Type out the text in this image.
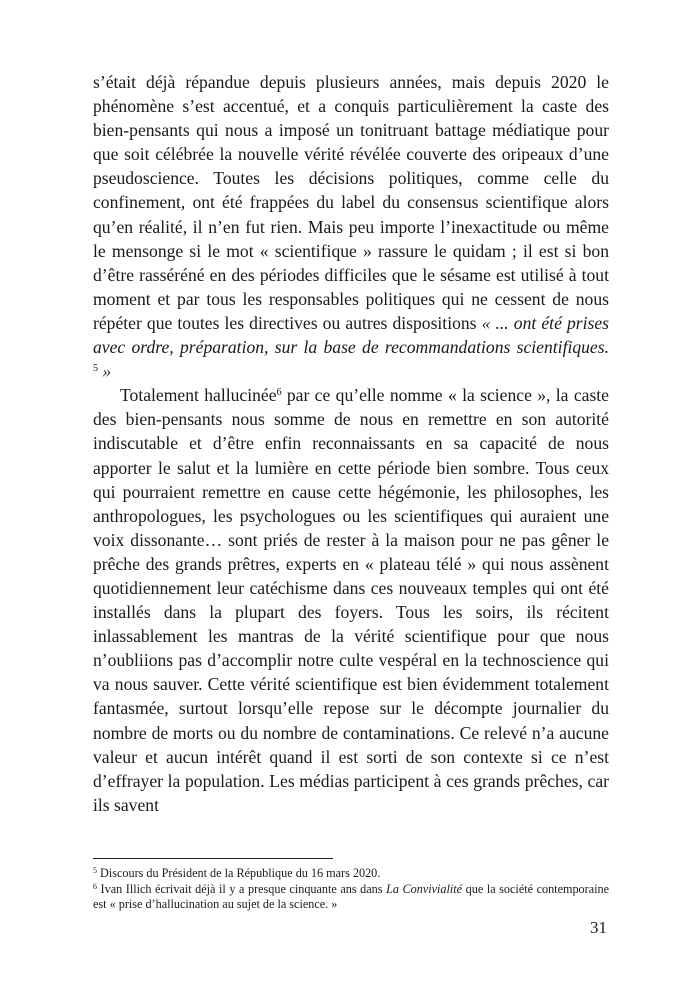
s’était déjà répandue depuis plusieurs années, mais depuis 2020 le phénomène s’est accentué, et a conquis particulièrement la caste des bien-pensants qui nous a imposé un tonitruant battage médiatique pour que soit célébrée la nouvelle vérité révélée couverte des oripeaux d’une pseudoscience. Toutes les décisions politiques, comme celle du confinement, ont été frappées du label du consensus scientifique alors qu’en réalité, il n’en fut rien. Mais peu importe l’inexactitude ou même le mensonge si le mot « scientifique » rassure le quidam ; il est si bon d’être rasséréné en des périodes difficiles que le sésame est utilisé à tout moment et par tous les responsables politiques qui ne cessent de nous répéter que toutes les directives ou autres dispositions « ... ont été prises avec ordre, préparation, sur la base de recommandations scientifiques. $^5$ »

Totalement hallucinée$^6$ par ce qu’elle nomme « la science », la caste des bien-pensants nous somme de nous en remettre en son autorité indiscutable et d’être enfin reconnaissants en sa capacité de nous apporter le salut et la lumière en cette période bien sombre. Tous ceux qui pourraient remettre en cause cette hégémonie, les philosophes, les anthropologues, les psychologues ou les scientifiques qui auraient une voix dissonante… sont priés de rester à la maison pour ne pas gêner le prêche des grands prêtres, experts en « plateau télé » qui nous assènent quotidiennement leur catéchisme dans ces nouveaux temples qui ont été installés dans la plupart des foyers. Tous les soirs, ils récitent inlassablement les mantras de la vérité scientifique pour que nous n’oubliions pas d’accomplir notre culte vespéral en la technoscience qui va nous sauver. Cette vérité scientifique est bien évidemment totalement fantasmée, surtout lorsqu’elle repose sur le décompte journalier du nombre de morts ou du nombre de contaminations. Ce relevé n’a aucune valeur et aucun intérêt quand il est sorti de son contexte si ce n’est d’effrayer la population. Les médias participent à ces grands prêches, car ils savent

$^5$ Discours du Président de la République du 16 mars 2020.

$^6$ Ivan Illich écrivait déjà il y a presque cinquante ans dans La Convivialité que la société contemporaine est « prise d’hallucination au sujet de la science. »

31
